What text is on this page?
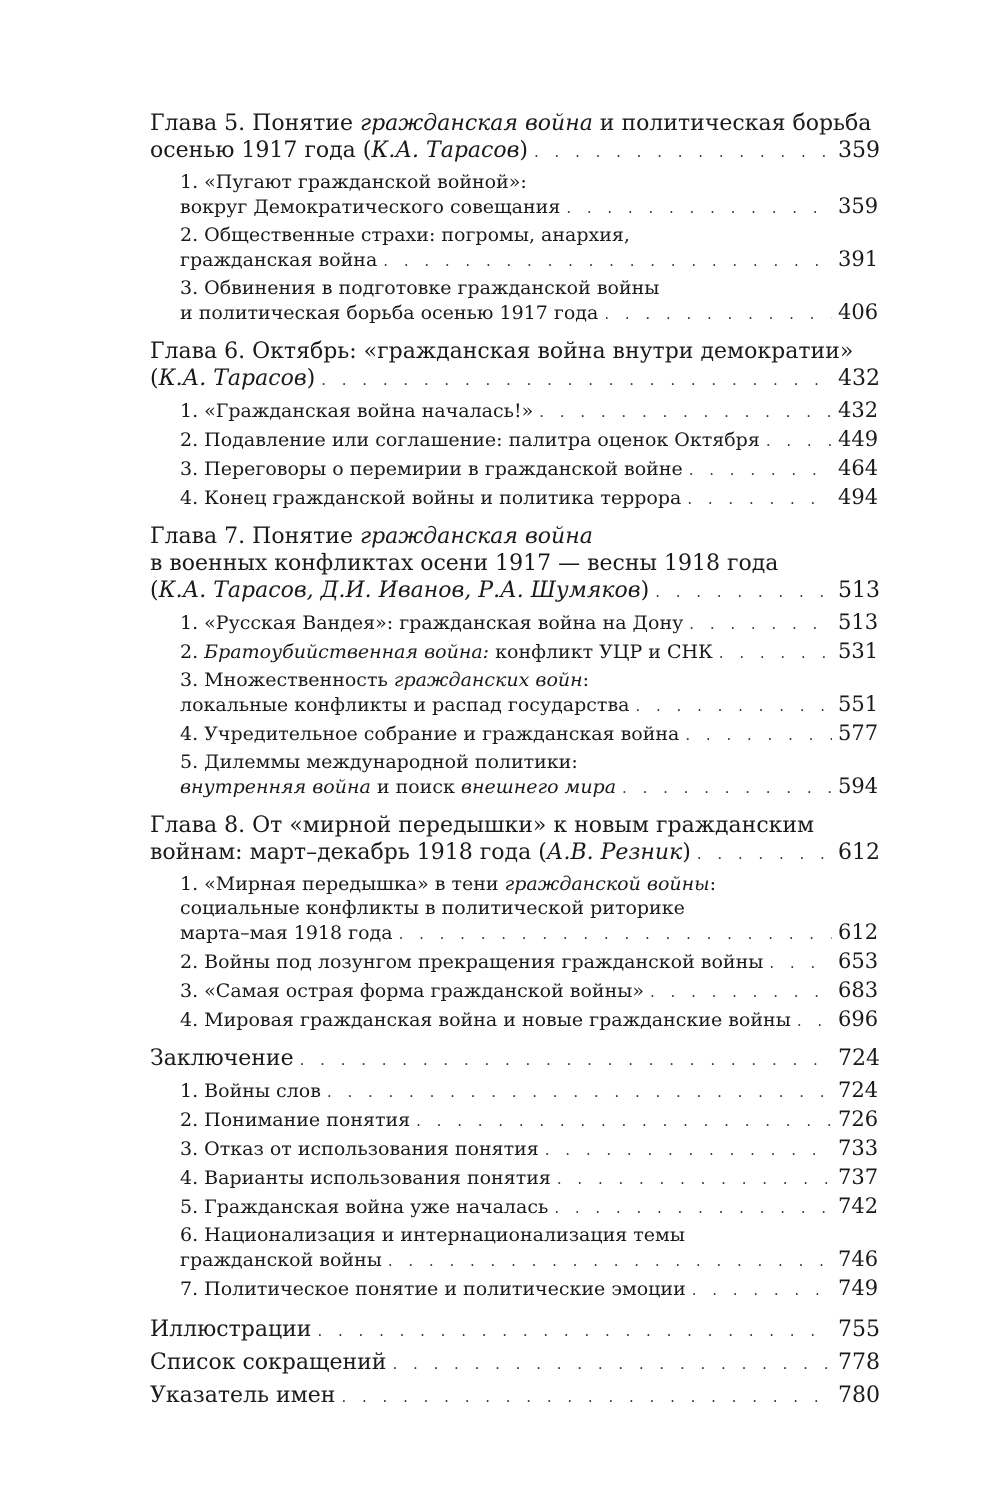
Глава 5. Понятие гражданская война и политическая борьба
осенью 1917 года (К.А. Тарасов) . . .	359
1. «Пугают гражданской войной»:
вокруг Демократического совещания . . .	359
2. Общественные страхи: погромы, анархия,
гражданская война . . .	391
3. Обвинения в подготовке гражданской войны
и политическая борьба осенью 1917 года . . .	406
Глава 6. Октябрь: «гражданская война внутри демократии»
(К.А. Тарасов) . . .	432
1. «Гражданская война началась!» . . .	432
2. Подавление или соглашение: палитра оценок Октября . . .	449
3. Переговоры о перемирии в гражданской войне . . .	464
4. Конец гражданской войны и политика террора . . .	494
Глава 7. Понятие гражданская война
в военных конфликтах осени 1917 — весны 1918 года
(К.А. Тарасов, Д.И. Иванов, Р.А. Шумяков) . . .	513
1. «Русская Вандея»: гражданская война на Дону . . .	513
2. Братоубийственная война: конфликт УЦР и СНК . . .	531
3. Множественность гражданских войн:
локальные конфликты и распад государства . . .	551
4. Учредительное собрание и гражданская война . . .	577
5. Дилеммы международной политики:
внутренняя война и поиск внешнего мира . . .	594
Глава 8. От «мирной передышки» к новым гражданским
войнам: март–декабрь 1918 года (А.В. Резник) . . .	612
1. «Мирная передышка» в тени гражданской войны:
социальные конфликты в политической риторике
марта–мая 1918 года . . .	612
2. Войны под лозунгом прекращения гражданской войны . . .	653
3. «Самая острая форма гражданской войны» . . .	683
4. Мировая гражданская война и новые гражданские войны . . . 696
Заключение . . .	724
1. Войны слов . . .	724
2. Понимание понятия . . .	726
3. Отказ от использования понятия . . .	733
4. Варианты использования понятия . . .	737
5. Гражданская война уже началась . . .	742
6. Национализация и интернационализация темы
гражданской войны . . .	746
7. Политическое понятие и политические эмоции . . .	749
Иллюстрации . . .	755
Список сокращений . . .	778
Указатель имен . . .	780
